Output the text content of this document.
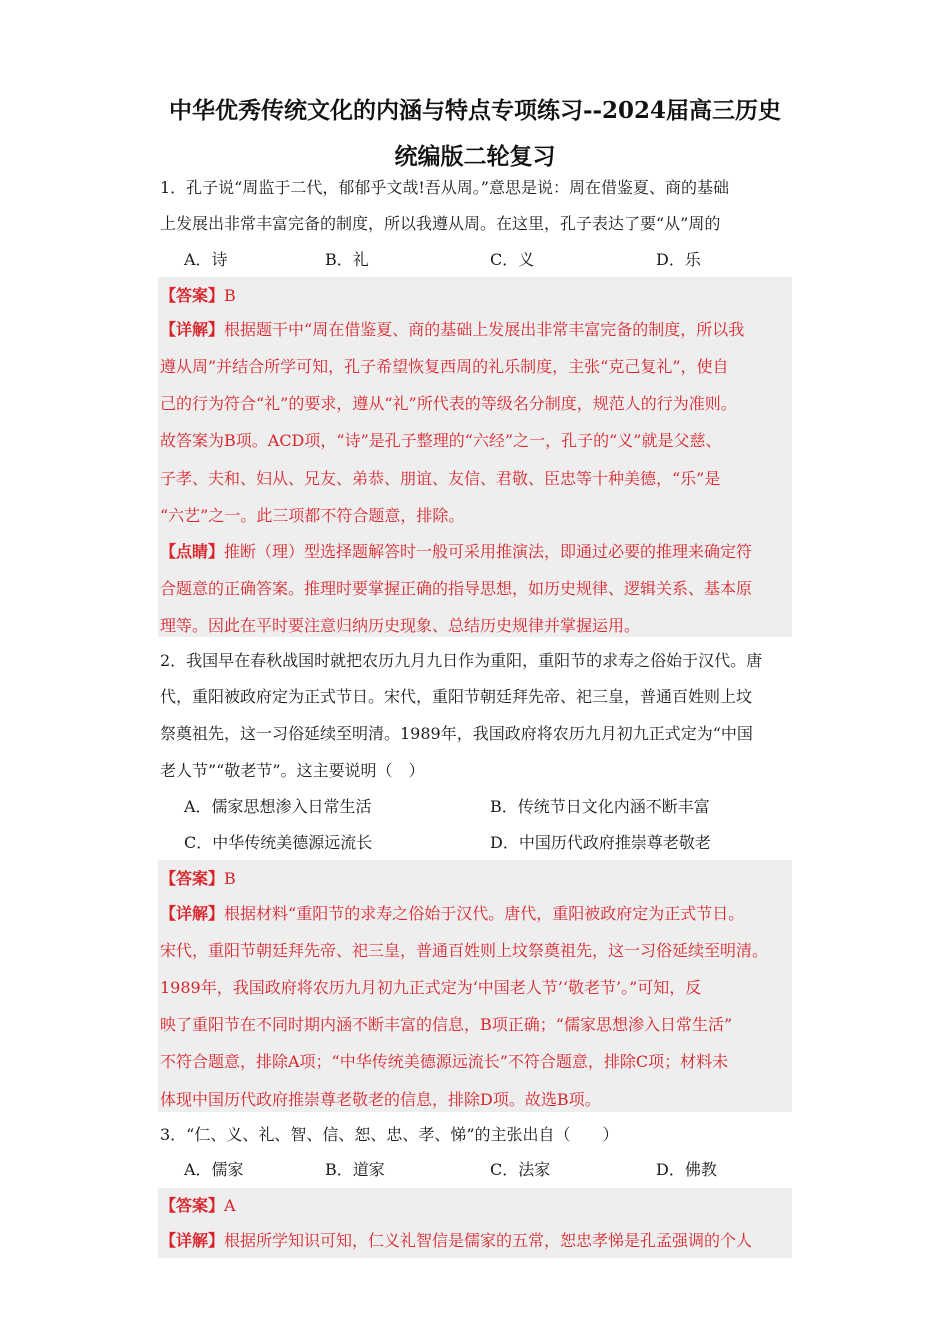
中华优秀传统文化的内涵与特点专项练习--2024届高三历史
统编版二轮复习
1．孔子说“周监于二代，郁郁乎文哉!吾从周。”意思是说：周在借鉴夏、商的基础
上发展出非常丰富完备的制度，所以我遵从周。在这里，孔子表达了要“从”周的
A．诗	B．礼	C．义	D．乐
【答案】B
【详解】根据题干中“周在借鉴夏、商的基础上发展出非常丰富完备的制度，所以我
遵从周”并结合所学可知，孔子希望恢复西周的礼乐制度，主张“克己复礼”，使自
己的行为符合“礼”的要求，遵从“礼”所代表的等级名分制度，规范人的行为准则。
故答案为B项。ACD项，“诗”是孔子整理的“六经”之一，孔子的“义”就是父慈、
子孝、夫和、妇从、兄友、弟恭、朋谊、友信、君敬、臣忠等十种美德，“乐”是
“六艺”之一。此三项都不符合题意，排除。
【点睛】推断（理）型选择题解答时一般可采用推演法，即通过必要的推理来确定符
合题意的正确答案。推理时要掌握正确的指导思想，如历史规律、逻辑关系、基本原
理等。因此在平时要注意归纳历史现象、总结历史规律并掌握运用。
2．我国早在春秋战国时就把农历九月九日作为重阳，重阳节的求寿之俗始于汉代。唐
代，重阳被政府定为正式节日。宋代，重阳节朝廷拜先帝、祀三皇，普通百姓则上坟
祭奠祖先，这一习俗延续至明清。1989年，我国政府将农历九月初九正式定为“中国
老人节”“敬老节”。这主要说明（　）
A．儒家思想渗入日常生活	B．传统节日文化内涵不断丰富
C．中华传统美德源远流长	D．中国历代政府推崇尊老敬老
【答案】B
【详解】根据材料“重阳节的求寿之俗始于汉代。唐代，重阳被政府定为正式节日。
宋代，重阳节朝廷拜先帝、祀三皇，普通百姓则上坟祭奠祖先，这一习俗延续至明清。
1989年，我国政府将农历九月初九正式定为‘中国老人节’‘敬老节’。”可知，反
映了重阳节在不同时期内涵不断丰富的信息，B项正确；“儒家思想渗入日常生活”
不符合题意，排除A项；“中华传统美德源远流长”不符合题意，排除C项；材料未
体现中国历代政府推崇尊老敬老的信息，排除D项。故选B项。
3．“仁、义、礼、智、信、恕、忠、孝、悌”的主张出自（　　）
A．儒家	B．道家	C．法家	D．佛教
【答案】A
【详解】根据所学知识可知，仁义礼智信是儒家的五常，恕忠孝悌是孔孟强调的个人
